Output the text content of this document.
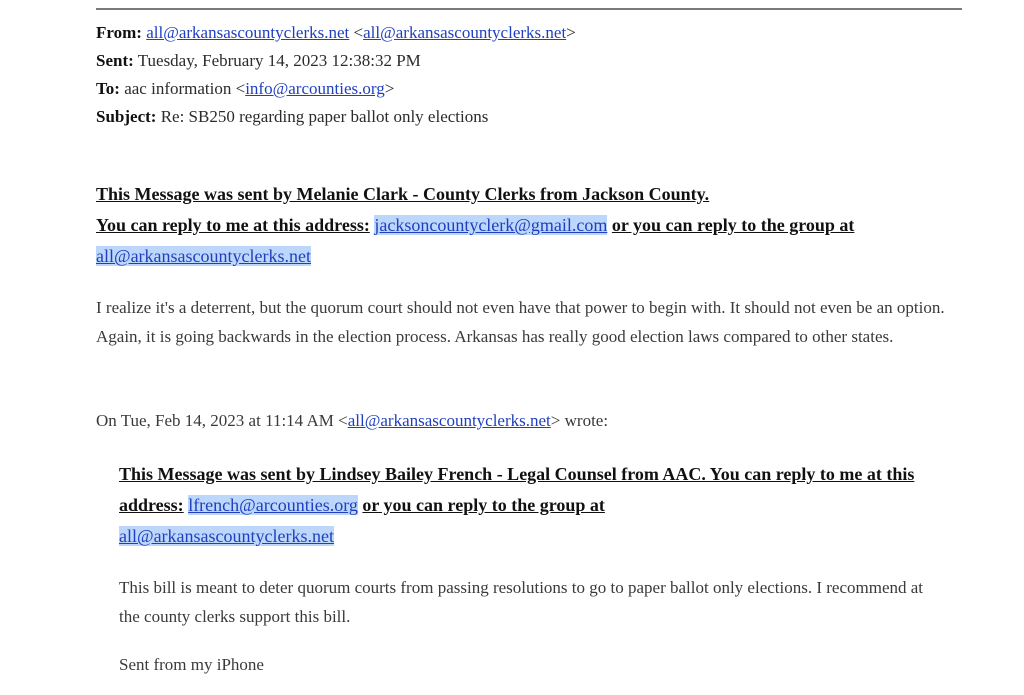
From: all@arkansascountyclerks.net <all@arkansascountyclerks.net>
Sent: Tuesday, February 14, 2023 12:38:32 PM
To: aac information <info@arcounties.org>
Subject: Re: SB250 regarding paper ballot only elections
This Message was sent by Melanie Clark - County Clerks from Jackson County.
You can reply to me at this address: jacksoncountyclerk@gmail.com or you can reply to the group at
all@arkansascountyclerks.net
I realize it's a deterrent, but the quorum court should not even have that power to begin with. It should not even be an option. Again, it is going backwards in the election process. Arkansas has really good election laws compared to other states.
On Tue, Feb 14, 2023 at 11:14 AM <all@arkansascountyclerks.net> wrote:
This Message was sent by Lindsey Bailey French - Legal Counsel from AAC. You can reply to me at this address: lfrench@arcounties.org or you can reply to the group at
all@arkansascountyclerks.net
This bill is meant to deter quorum courts from passing resolutions to go to paper ballot only elections. I recommend at the county clerks support this bill.
Sent from my iPhone
